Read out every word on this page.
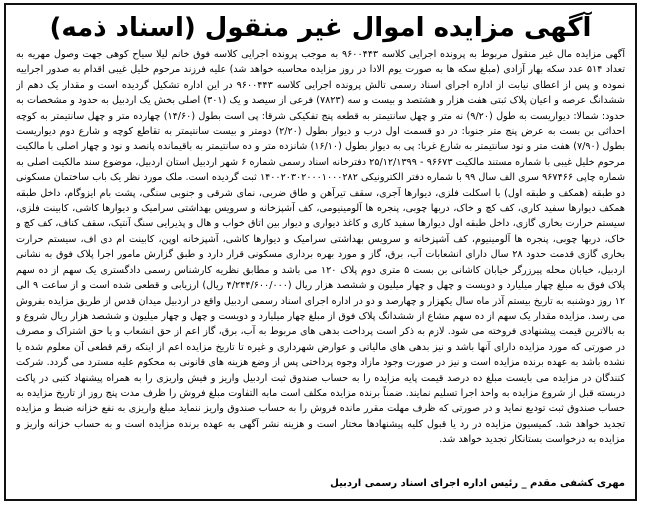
آگهی مزایده اموال غیر منقول (اسناد ذمه)
آگهی مزایده مال غیر منقول مربوط به پرونده اجرایی کلاسه ۹۶۰۰۴۴۳ به موجب پرونده اجرایی کلاسه فوق خانم لیلا سیاح کوهی جهت وصول مهریه به تعداد ۵۱۴ عدد سکه بهار آزادی (مبلغ سکه ها به صورت یوم الادا در روز مزایده محاسبه خواهد شد) علیه فرزند مرحوم خلیل غیبی اقدام به صدور اجراییه نموده و پس از اعطای نیابت از اداره اجرای اسناد رسمی تالش پرونده اجرایی کلاسه ۹۶۰۰۴۴۳ در این اداره تشکیل گردیده است و مقدار یک دهم از ششدانگ عرصه و اعیان پلاک ثبتی هفت هزار و هشتصد و بیست و سه (۷۸۲۳) فرعی از سیصد و یک (۳۰۱) اصلی بخش یک اردبیل به حدود و مشخصات به حدود: شمالا: دیواریست به طول (۹/۲۰) نه متر و چهل سانتیمتر به قطعه پنج تفکیکی شرقا: پی است بطول (۱۴/۶۰) چهارده متر و چهل سانتیمتر به کوچه احداثی بن بست به عرض پنج متر جنوبا: در دو قسمت اول درب و دیوار بطول (۲/۲۰) دومتر و بیست سانتیمتر به تقاطع کوچه و شارع دوم دیواریست بطول (۷/۹۰) هفت متر و نود سانتیمتر به شارع غربا: پی به دیوار بطول (۱۶/۱۰) شانزده متر و ده سانتیمتر به باقیمانده پانصد و نود و چهار اصلی با مالکیت مرحوم خلیل غیبی با شماره مستند مالکیت ۹۶۶۷۳ - ۲۵/۱۲/۱۳۹۹ دفترخانه اسناد رسمی شماره ۶ شهر اردبیل استان اردبیل، موضوع سند مالکیت اصلی به شماره چاپی ۹۶۷۴۶۶ سری الف سال ۹۹ با شماره دفتر الکترونیکی ۱۴۰۰۲۰۳۰۲۰۰۰۱۰۰۰۲۸۲ ثبت گردیده است. ملک مورد نظر یک باب ساختمان مسکونی دو طبقه (همکف و طبقه اول) با اسکلت فلزی، دیوارها آجری، سقف تیرآهن و طاق ضربی، نمای شرقی و جنوبی سنگی، پشت بام ایزوگام، داخل طبقه همکف دیوارها سفید کاری، کف کچ و خاک، دربها چوبی، پنجره ها آلومینیومی، کف آشپزخانه و سرویس بهداشتی سرامیک و دیوارها کاشی، کابینت فلزی، سیستم حرارت بخاری گازی، داخل طبقه اول دیوارها سفید کاری و کاغذ دیواری و دیوار بین اتاق خواب و هال و پذیرایی سنگ آنتیک، سقف کناف، کف کچ و خاک، دربها چوبی، پنجره ها آلومینیوم، کف آشپزخانه و سرویس بهداشتی سرامیک و دیوارها کاشی، آشپزخانه اوپن، کابینت ام دی اف، سیستم حرارت بخاری گازی قدمت حدود ۲۸ سال دارای انشعابات آب، برق، گاز و مورد بهره برداری مسکونی قرار دارد و طبق گزارش مامور اجرا پلاک فوق به نشانی اردبیل، خیابان محله پیرزرگر خیابان کاشانی بن بست ۵ متری دوم پلاک ۱۲۰ می باشد و مطابق نظریه کارشناس رسمی دادگستری یک سهم از ده سهم پلاک فوق به مبلغ چهار میلیارد و دویست و چهل و چهار میلیون و ششصد هزار ریال (۴/۲۴۴/۶۰۰/۰۰۰ ریال) ارزیابی و قطعی شده است و از ساعت ۹ الی ۱۲ روز دوشنبه به تاریخ بیستم آذر ماه سال یکهزار و چهارصد و دو در اداره اجرای اسناد رسمی اردبیل واقع در اردبیل میدان قدس از طریق مزایده بفروش می رسد. مزایده مقدار یک سهم از ده سهم مشاع از ششدانگ پلاک فوق از مبلغ چهار میلیارد و دویست و چهل و چهار میلیون و ششصد هزار ریال شروع و به بالاترین قیمت پیشنهادی فروخته می شود. لازم به ذکر است پرداخت بدهی های مربوط به آب، برق، گاز اعم از حق انشعاب و یا حق اشتراک و مصرف در صورتی که مورد مزایده دارای آنها باشد و نیز بدهی های مالیاتی و عوارض شهرداری و غیره تا تاریخ مزایده اعم از اینکه رقم قطعی آن معلوم شده یا نشده باشد به عهده برنده مزایده است و نیز در صورت وجود مازاد وجوه پرداختی پس از وضع هزینه های قانونی به محکوم علیه مسترد می گردد. شرکت کنندگان در مزایده می بایست مبلغ ده درصد قیمت پایه مزایده را به حساب صندوق ثبت اردبیل واریز و فیش واریزی را به همراه پیشنهاد کتبی در پاکت دربسته قبل از شروع مزایده به واحد اجرا تسلیم نمایند. ضمناً برنده مزایده مکلف است مابه التفاوت مبلغ فروش را ظرف مدت پنج روز از تاریخ مزایده به حساب صندوق ثبت تودیع نماید و در صورتی که ظرف مهلت مقرر مانده فروش را به حساب صندوق واریز ننماید مبلغ واریزی به نفع خزانه ضبط و مزایده تجدید خواهد شد. کمیسیون مزایده در رد یا قبول کلیه پیشنهادها مختار است و هزینه نشر آگهی به عهده برنده مزایده است و به حساب خزانه واریز و مزایده به درخواست بستانکار تجدید خواهد شد.
مهری کشفی مقدم _ رئیس اداره اجرای اسناد رسمی اردبیل
